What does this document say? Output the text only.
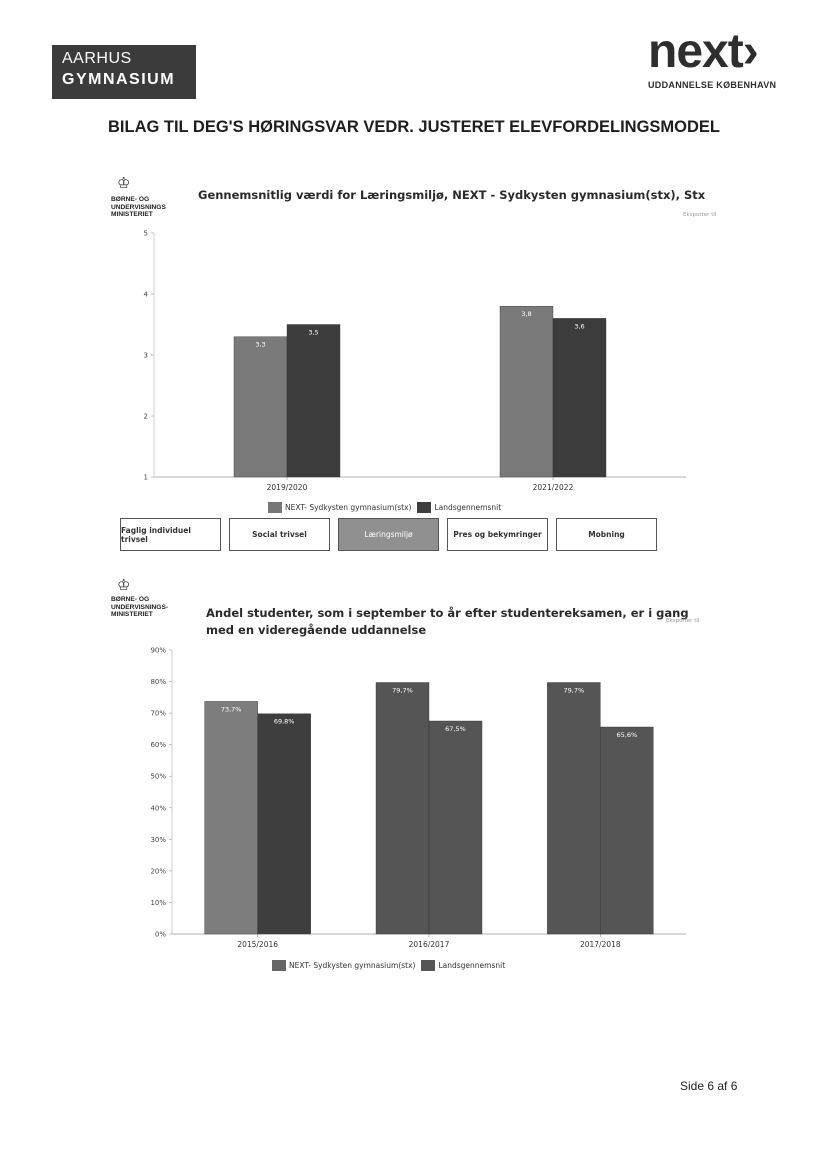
AARHUS
GYMNASIUM
next›
UDDANNELSE KØBENHAVN
BILAG TIL DEG'S HØRINGSVAR VEDR. JUSTERET ELEVFORDELINGSMODEL
♔
BØRNE- OG
UNDERVISNINGS
MINISTERIET
Gennemsnitlig værdi for Læringsmiljø, NEXT - Sydkysten gymnasium(stx), Stx
Eksporter til
1
2
3
4
5
2019/2020
3,3
3,5
2021/2022
3,8
3,6
NEXT- Sydkysten gymnasium(stx)	Landsgennemsnit
Faglig individuel trivsel	Social trivsel	Læringsmiljø	Pres og bekymringer	Mobning
♔
BØRNE- OG
UNDERVISNINGS-
MINISTERIET	Andel studenter, som i september to år efter studentereksamen, er i gang
med en videregående uddannelse
Eksporter til
0%
10%
20%
30%
40%
50%
60%
70%
80%
90%
2015/2016
73,7%
69,8%
2016/2017
79,7%
67,5%
2017/2018
79,7%
65,6%
NEXT- Sydkysten gymnasium(stx)	Landsgennemsnit
Side 6 af 6
